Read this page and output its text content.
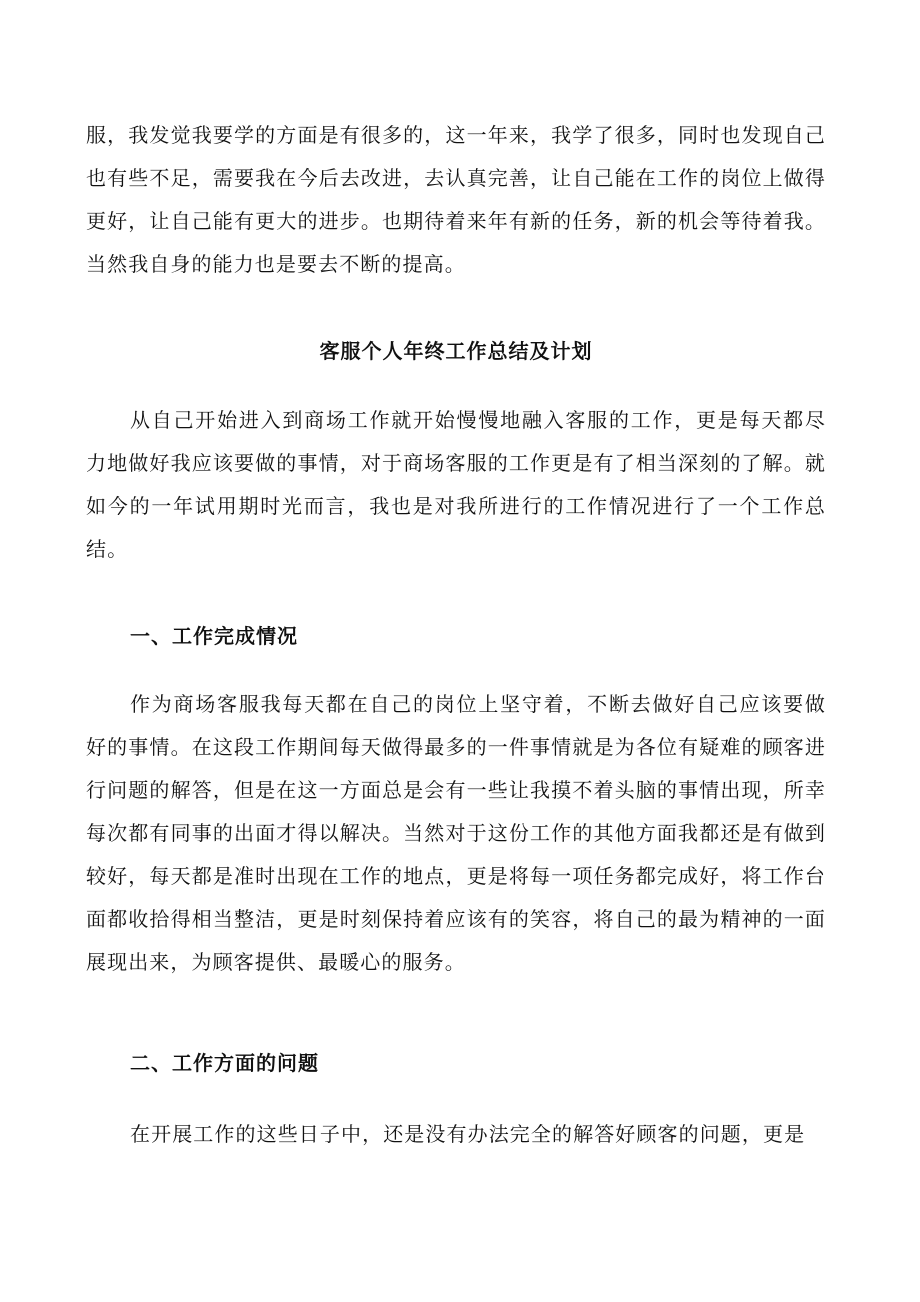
服，我发觉我要学的方面是有很多的，这一年来，我学了很多，同时也发现自己也有些不足，需要我在今后去改进，去认真完善，让自己能在工作的岗位上做得更好，让自己能有更大的进步。也期待着来年有新的任务，新的机会等待着我。当然我自身的能力也是要去不断的提高。

客服个人年终工作总结及计划

从自己开始进入到商场工作就开始慢慢地融入客服的工作，更是每天都尽力地做好我应该要做的事情，对于商场客服的工作更是有了相当深刻的了解。就如今的一年试用期时光而言，我也是对我所进行的工作情况进行了一个工作总结。

一、工作完成情况

作为商场客服我每天都在自己的岗位上坚守着，不断去做好自己应该要做好的事情。在这段工作期间每天做得最多的一件事情就是为各位有疑难的顾客进行问题的解答，但是在这一方面总是会有一些让我摸不着头脑的事情出现，所幸每次都有同事的出面才得以解决。当然对于这份工作的其他方面我都还是有做到较好，每天都是准时出现在工作的地点，更是将每一项任务都完成好，将工作台面都收拾得相当整洁，更是时刻保持着应该有的笑容，将自己的最为精神的一面展现出来，为顾客提供、最暖心的服务。

二、工作方面的问题

在开展工作的这些日子中，还是没有办法完全的解答好顾客的问题，更是
